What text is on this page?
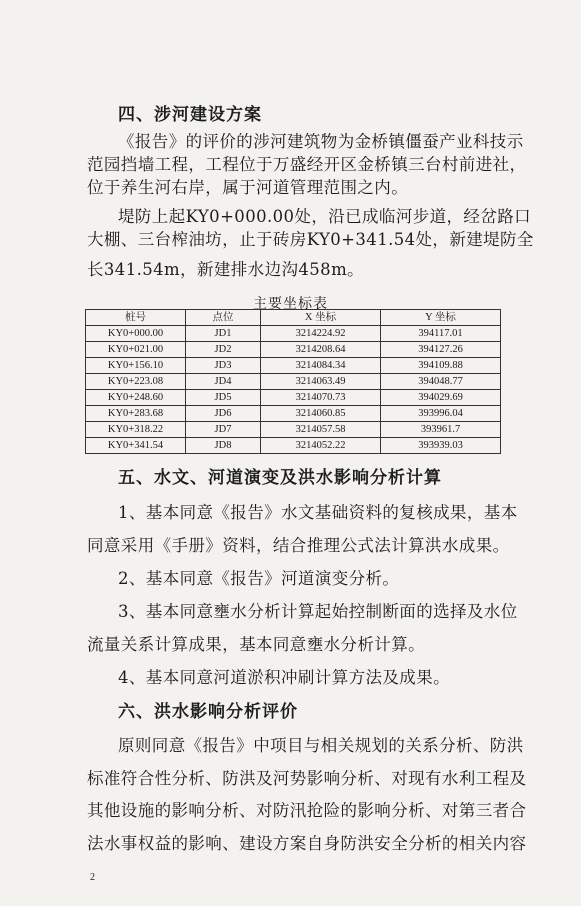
四、涉河建设方案
《报告》的评价的涉河建筑物为金桥镇僵蚕产业科技示
范园挡墙工程，工程位于万盛经开区金桥镇三台村前进社，
位于养生河右岸，属于河道管理范围之内。
堤防上起KY0+000.00处，沿已成临河步道，经岔路口
大棚、三台榨油坊，止于砖房KY0+341.54处，新建堤防全
主要坐标表
桩号	点位	X 坐标	Y 坐标
KY0+000.00	JD1	3214224.92	394117.01
KY0+021.00	JD2	3214208.64	394127.26
KY0+156.10	JD3	3214084.34	394109.88
KY0+223.08	JD4	3214063.49	394048.77
KY0+248.60	JD5	3214070.73	394029.69
KY0+283.68	JD6	3214060.85	393996.04
KY0+318.22	JD7	3214057.58	393961.7
KY0+341.54	JD8	3214052.22	393939.03
五、水文、河道演变及洪水影响分析计算
1、基本同意《报告》水文基础资料的复核成果，基本
同意采用《手册》资料，结合推理公式法计算洪水成果。
2、基本同意《报告》河道演变分析。
3、基本同意壅水分析计算起始控制断面的选择及水位
流量关系计算成果，基本同意壅水分析计算。
4、基本同意河道淤积冲刷计算方法及成果。
六、洪水影响分析评价
原则同意《报告》中项目与相关规划的关系分析、防洪
标准符合性分析、防洪及河势影响分析、对现有水利工程及
其他设施的影响分析、对防汛抢险的影响分析、对第三者合
法水事权益的影响、建设方案自身防洪安全分析的相关内容
2
长341.54m，新建排水边沟458m。
